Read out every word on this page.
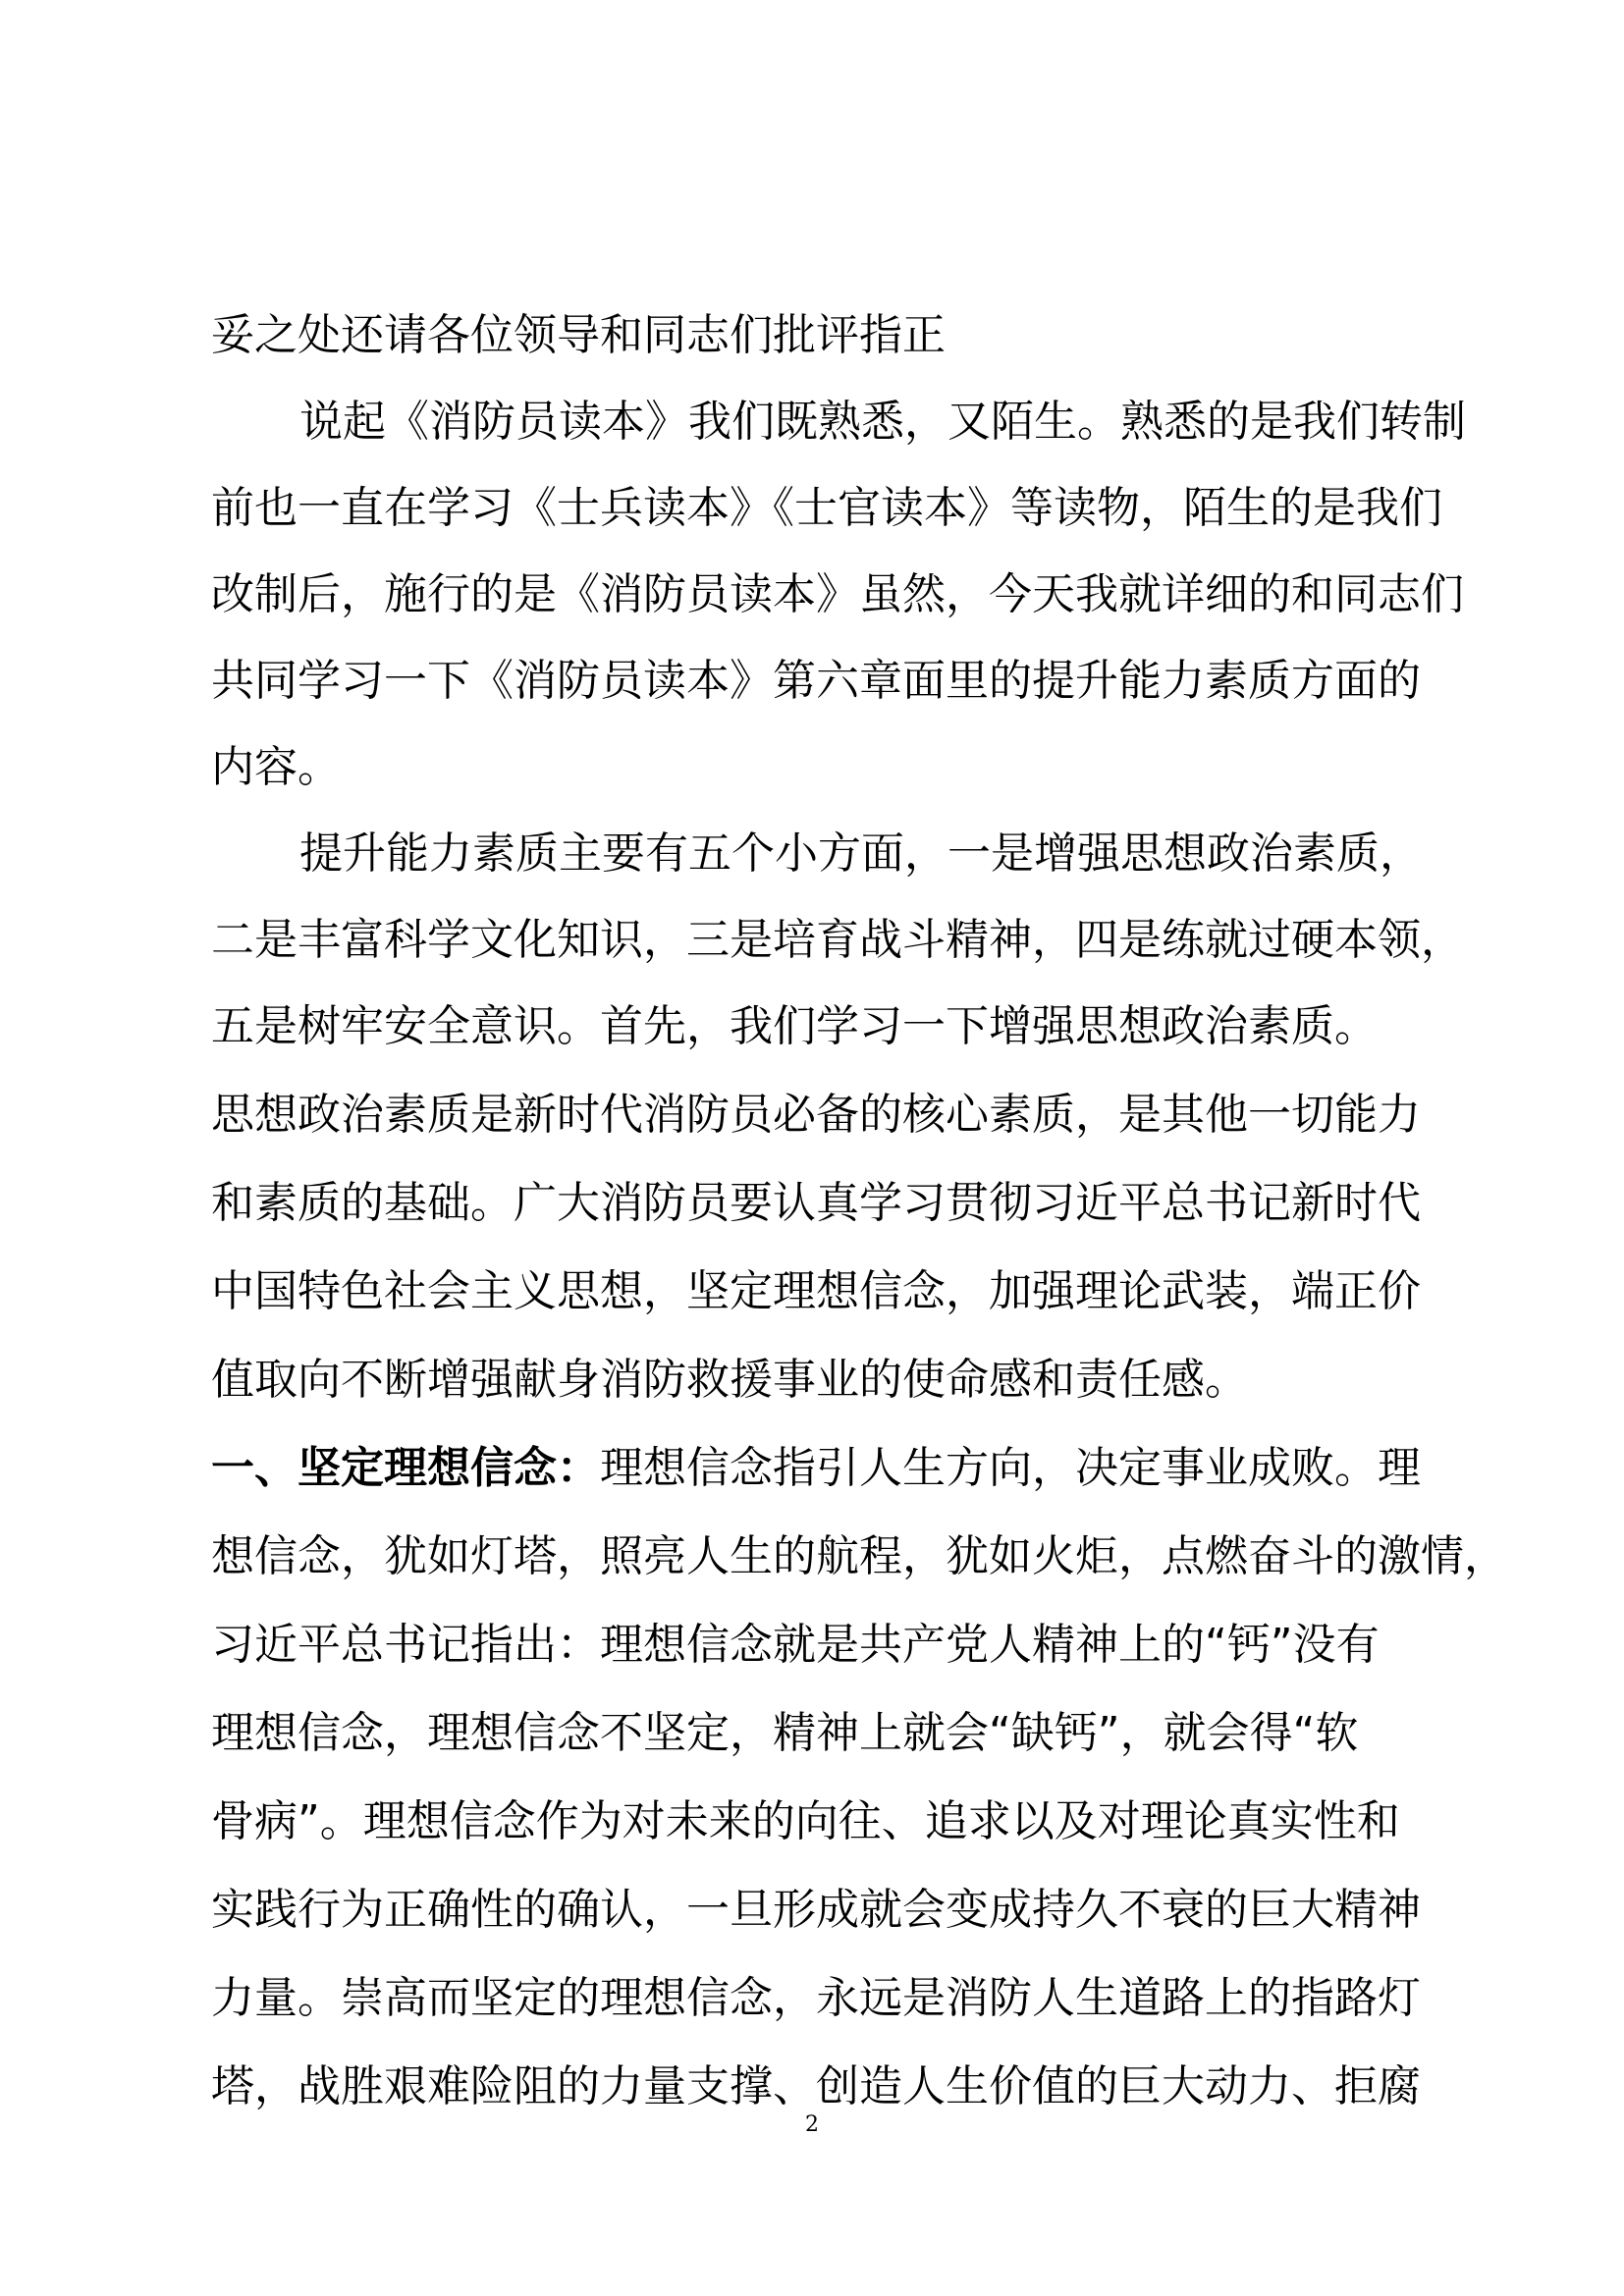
妥之处还请各位领导和同志们批评指正
说起《消防员读本》我们既熟悉，又陌生。熟悉的是我们转制
前也一直在学习《士兵读本》《士官读本》等读物，陌生的是我们
改制后，施行的是《消防员读本》虽然，今天我就详细的和同志们
共同学习一下《消防员读本》第六章面里的提升能力素质方面的
内容。
提升能力素质主要有五个小方面，一是增强思想政治素质，
二是丰富科学文化知识，三是培育战斗精神，四是练就过硬本领，
五是树牢安全意识。首先，我们学习一下增强思想政治素质。
思想政治素质是新时代消防员必备的核心素质，是其他一切能力
和素质的基础。广大消防员要认真学习贯彻习近平总书记新时代
中国特色社会主义思想，坚定理想信念，加强理论武装，端正价
值取向不断增强献身消防救援事业的使命感和责任感。
一、坚定理想信念：理想信念指引人生方向，决定事业成败。理
想信念，犹如灯塔，照亮人生的航程，犹如火炬，点燃奋斗的激情，
习近平总书记指出：理想信念就是共产党人精神上的“钙”没有
理想信念，理想信念不坚定，精神上就会“缺钙”，就会得“软
骨病”。理想信念作为对未来的向往、追求以及对理论真实性和
实践行为正确性的确认，一旦形成就会变成持久不衰的巨大精神
力量。崇高而坚定的理想信念，永远是消防人生道路上的指路灯
塔，战胜艰难险阻的力量支撑、创造人生价值的巨大动力、拒腐
2
